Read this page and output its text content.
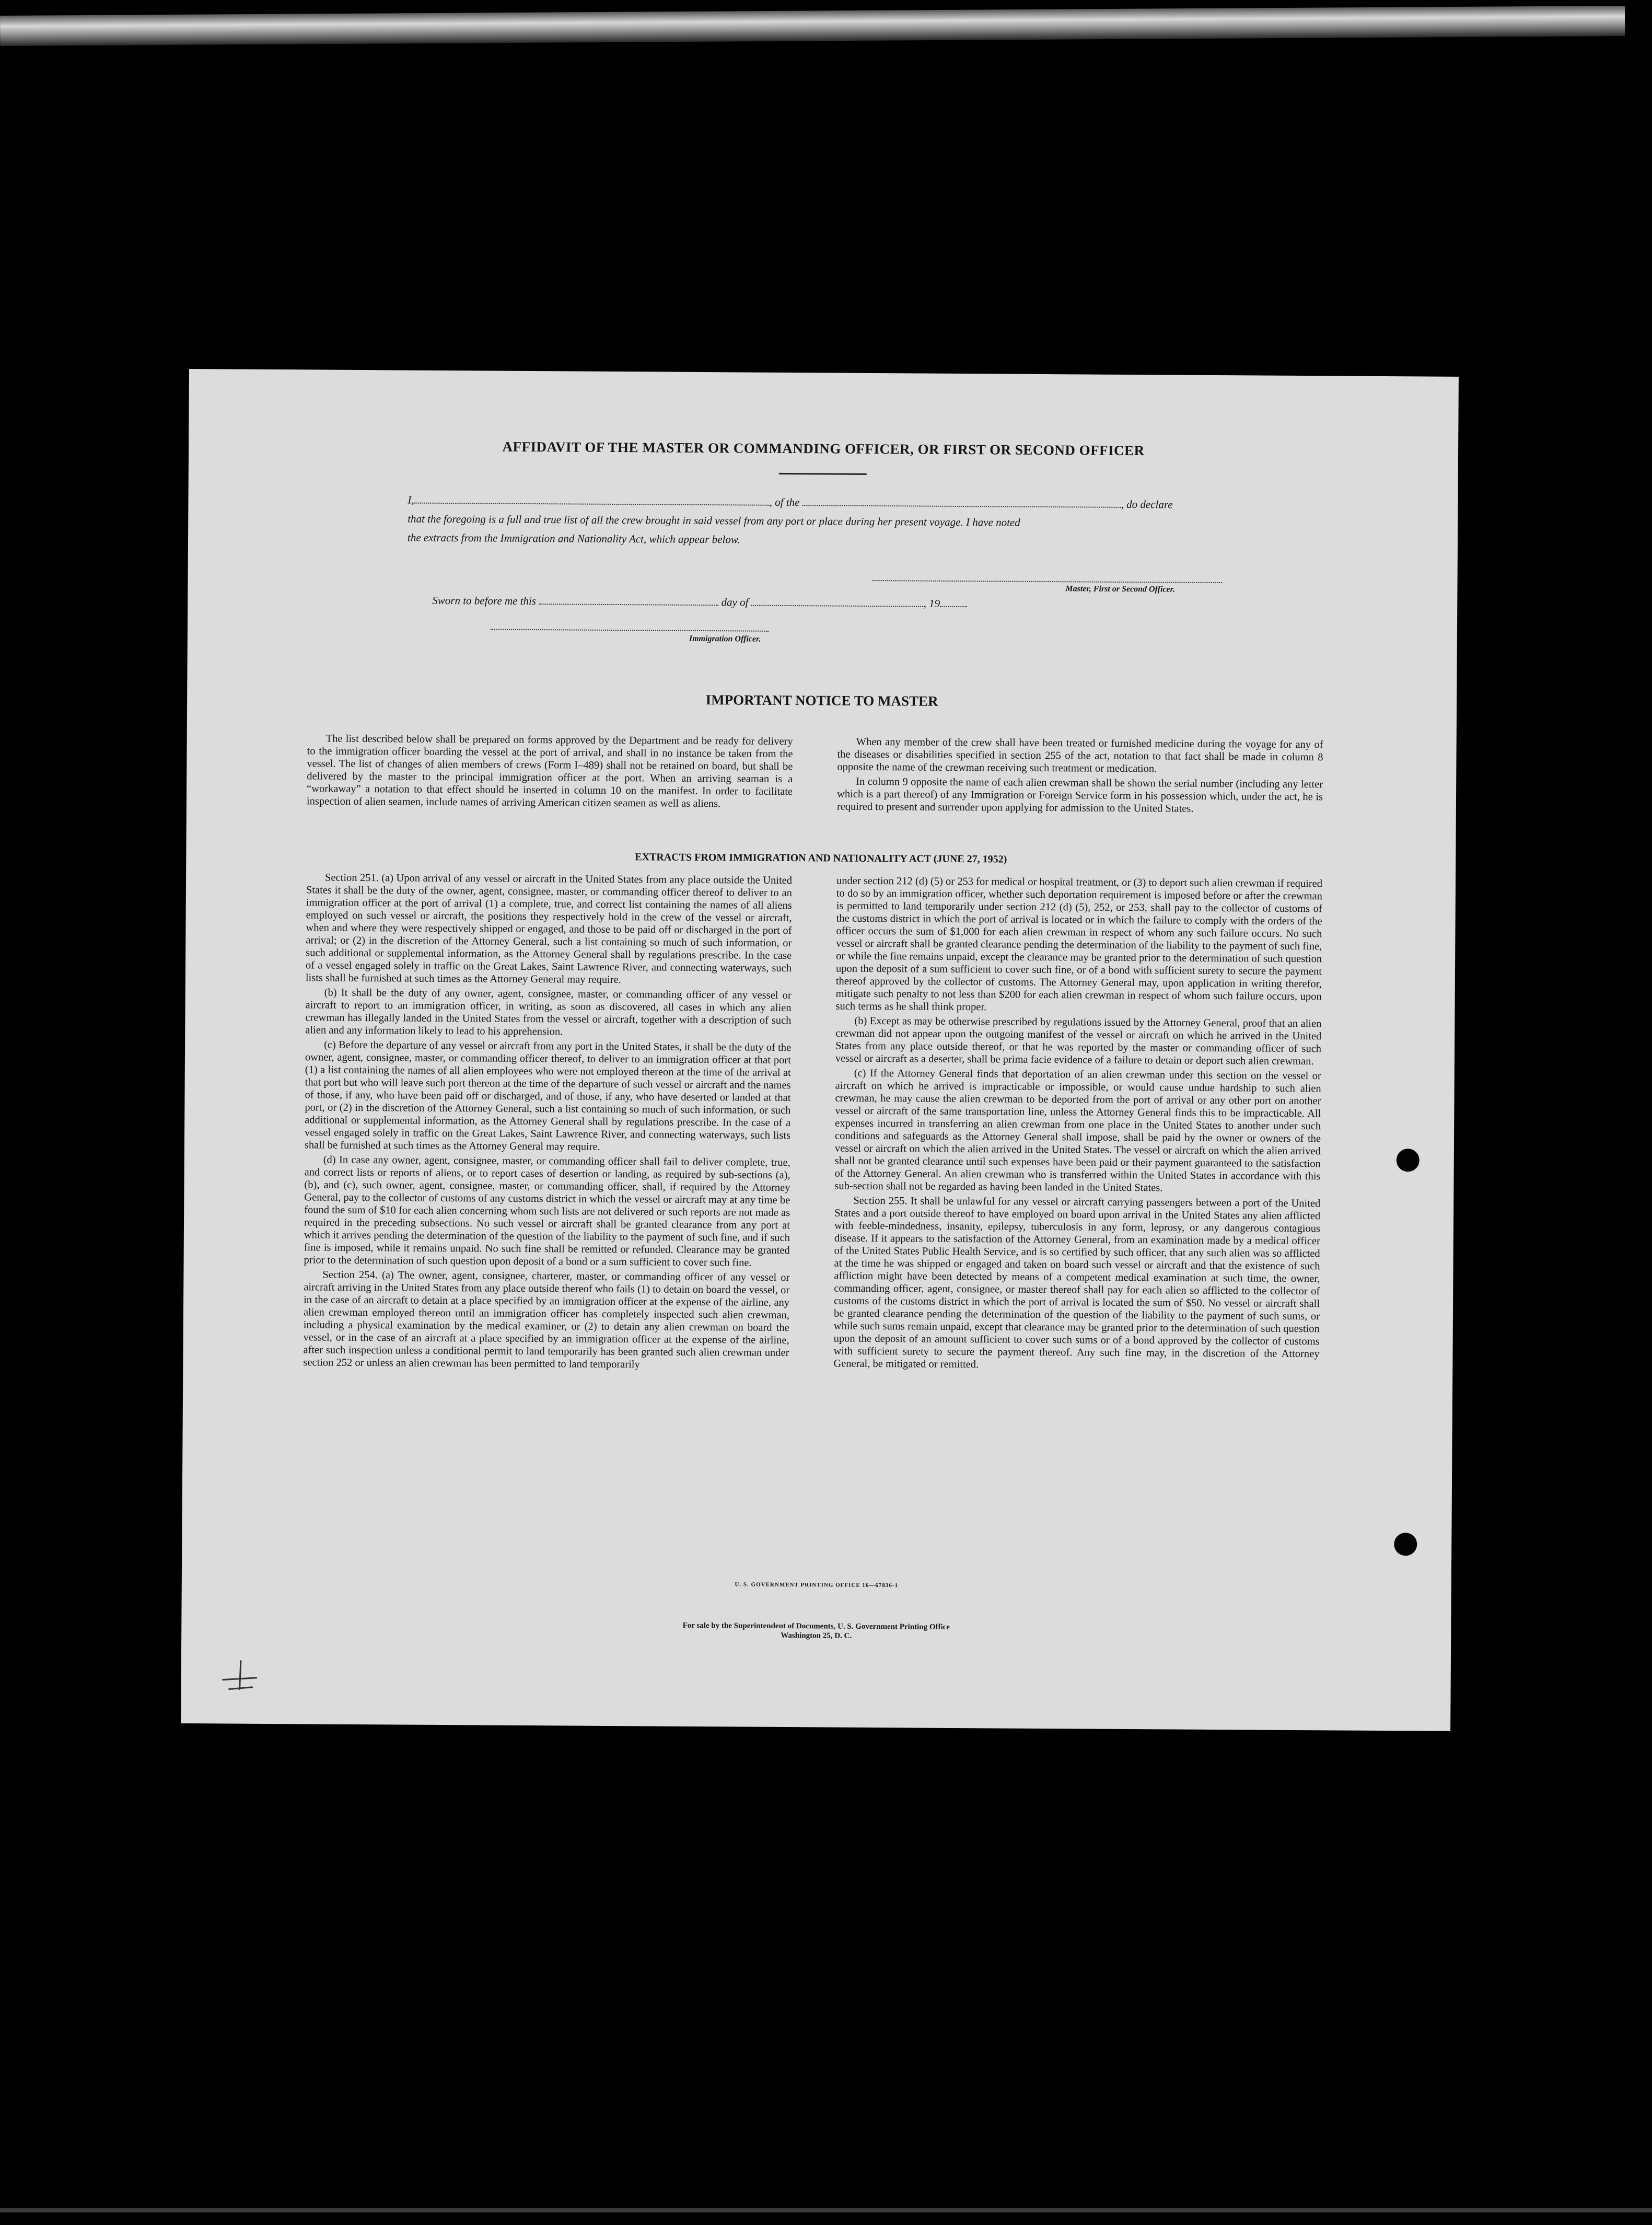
AFFIDAVIT OF THE MASTER OR COMMANDING OFFICER, OR FIRST OR SECOND OFFICER
I,	, of the	, do declare
that the foregoing is a full and true list of all the crew brought in said vessel from any port or place during her present voyage. I have noted
the extracts from the Immigration and Nationality Act, which appear below.
Master, First or Second Officer.
Sworn to before me this	day of	, 19
Immigration Officer.
IMPORTANT NOTICE TO MASTER

The list described below shall be prepared on forms approved by the Department and be ready for delivery to the immigration officer boarding the vessel at the port of arrival, and shall in no instance be taken from the vessel. The list of changes of alien members of crews (Form I–489) shall not be retained on board, but shall be delivered by the master to the principal immigration officer at the port. When an arriving seaman is a “workaway” a notation to that effect should be inserted in column 10 on the manifest. In order to facilitate inspection of alien seamen, include names of arriving American citizen seamen as well as aliens.

When any member of the crew shall have been treated or furnished medicine during the voyage for any of the diseases or disabilities specified in section 255 of the act, notation to that fact shall be made in column 8 opposite the name of the crewman receiving such treatment or medication.

In column 9 opposite the name of each alien crewman shall be shown the serial number (including any letter which is a part thereof) of any Immigration or Foreign Service form in his possession which, under the act, he is required to present and surrender upon applying for admission to the United States.

EXTRACTS FROM IMMIGRATION AND NATIONALITY ACT (JUNE 27, 1952)

Section 251. (a) Upon arrival of any vessel or aircraft in the United States from any place outside the United States it shall be the duty of the owner, agent, consignee, master, or commanding officer thereof to deliver to an immigration officer at the port of arrival (1) a complete, true, and correct list containing the names of all aliens employed on such vessel or aircraft, the positions they respectively hold in the crew of the vessel or aircraft, when and where they were respectively shipped or engaged, and those to be paid off or discharged in the port of arrival; or (2) in the discretion of the Attorney General, such a list containing so much of such information, or such additional or supplemental information, as the Attorney General shall by regulations prescribe. In the case of a vessel engaged solely in traffic on the Great Lakes, Saint Lawrence River, and connecting waterways, such lists shall be furnished at such times as the Attorney General may require.

(b) It shall be the duty of any owner, agent, consignee, master, or commanding officer of any vessel or aircraft to report to an immigration officer, in writing, as soon as discovered, all cases in which any alien crewman has illegally landed in the United States from the vessel or aircraft, together with a description of such alien and any information likely to lead to his apprehension.

(c) Before the departure of any vessel or aircraft from any port in the United States, it shall be the duty of the owner, agent, consignee, master, or commanding officer thereof, to deliver to an immigration officer at that port (1) a list containing the names of all alien employees who were not employed thereon at the time of the arrival at that port but who will leave such port thereon at the time of the departure of such vessel or aircraft and the names of those, if any, who have been paid off or discharged, and of those, if any, who have deserted or landed at that port, or (2) in the discretion of the Attorney General, such a list containing so much of such information, or such additional or supplemental information, as the Attorney General shall by regulations prescribe. In the case of a vessel engaged solely in traffic on the Great Lakes, Saint Lawrence River, and connecting waterways, such lists shall be furnished at such times as the Attorney General may require.

(d) In case any owner, agent, consignee, master, or commanding officer shall fail to deliver complete, true, and correct lists or reports of aliens, or to report cases of desertion or landing, as required by sub-sections (a), (b), and (c), such owner, agent, consignee, master, or commanding officer, shall, if required by the Attorney General, pay to the collector of customs of any customs district in which the vessel or aircraft may at any time be found the sum of $10 for each alien concerning whom such lists are not delivered or such reports are not made as required in the preceding subsections. No such vessel or aircraft shall be granted clearance from any port at which it arrives pending the determination of the question of the liability to the payment of such fine, and if such fine is imposed, while it remains unpaid. No such fine shall be remitted or refunded. Clearance may be granted prior to the determination of such question upon deposit of a bond or a sum sufficient to cover such fine.

Section 254. (a) The owner, agent, consignee, charterer, master, or commanding officer of any vessel or aircraft arriving in the United States from any place outside thereof who fails (1) to detain on board the vessel, or in the case of an aircraft to detain at a place specified by an immigration officer at the expense of the airline, any alien crewman employed thereon until an immigration officer has completely inspected such alien crewman, including a physical examination by the medical examiner, or (2) to detain any alien crewman on board the vessel, or in the case of an aircraft at a place specified by an immigration officer at the expense of the airline, after such inspection unless a conditional permit to land temporarily has been granted such alien crewman under section 252 or unless an alien crewman has been permitted to land temporarily

under section 212 (d) (5) or 253 for medical or hospital treatment, or (3) to deport such alien crewman if required to do so by an immigration officer, whether such deportation requirement is imposed before or after the crewman is permitted to land temporarily under section 212 (d) (5), 252, or 253, shall pay to the collector of customs of the customs district in which the port of arrival is located or in which the failure to comply with the orders of the officer occurs the sum of $1,000 for each alien crewman in respect of whom any such failure occurs. No such vessel or aircraft shall be granted clearance pending the determination of the liability to the payment of such fine, or while the fine remains unpaid, except the clearance may be granted prior to the determination of such question upon the deposit of a sum sufficient to cover such fine, or of a bond with sufficient surety to secure the payment thereof approved by the collector of customs. The Attorney General may, upon application in writing therefor, mitigate such penalty to not less than $200 for each alien crewman in respect of whom such failure occurs, upon such terms as he shall think proper.

(b) Except as may be otherwise prescribed by regulations issued by the Attorney General, proof that an alien crewman did not appear upon the outgoing manifest of the vessel or aircraft on which he arrived in the United States from any place outside thereof, or that he was reported by the master or commanding officer of such vessel or aircraft as a deserter, shall be prima facie evidence of a failure to detain or deport such alien crewman.

(c) If the Attorney General finds that deportation of an alien crewman under this section on the vessel or aircraft on which he arrived is impracticable or impossible, or would cause undue hardship to such alien crewman, he may cause the alien crewman to be deported from the port of arrival or any other port on another vessel or aircraft of the same transportation line, unless the Attorney General finds this to be impracticable. All expenses incurred in transferring an alien crewman from one place in the United States to another under such conditions and safeguards as the Attorney General shall impose, shall be paid by the owner or owners of the vessel or aircraft on which the alien arrived in the United States. The vessel or aircraft on which the alien arrived shall not be granted clearance until such expenses have been paid or their payment guaranteed to the satisfaction of the Attorney General. An alien crewman who is transferred within the United States in accordance with this sub-section shall not be regarded as having been landed in the United States.

Section 255. It shall be unlawful for any vessel or aircraft carrying passengers between a port of the United States and a port outside thereof to have employed on board upon arrival in the United States any alien afflicted with feeble-mindedness, insanity, epilepsy, tuberculosis in any form, leprosy, or any dangerous contagious disease. If it appears to the satisfaction of the Attorney General, from an examination made by a medical officer of the United States Public Health Service, and is so certified by such officer, that any such alien was so afflicted at the time he was shipped or engaged and taken on board such vessel or aircraft and that the existence of such affliction might have been detected by means of a competent medical examination at such time, the owner, commanding officer, agent, consignee, or master thereof shall pay for each alien so afflicted to the collector of customs of the customs district in which the port of arrival is located the sum of $50. No vessel or aircraft shall be granted clearance pending the determination of the question of the liability to the payment of such sums, or while such sums remain unpaid, except that clearance may be granted prior to the determination of such question upon the deposit of an amount sufficient to cover such sums or of a bond approved by the collector of customs with sufficient surety to secure the payment thereof. Any such fine may, in the discretion of the Attorney General, be mitigated or remitted.

U. S. GOVERNMENT PRINTING OFFICE 16—67836-1
For sale by the Superintendent of Documents, U. S. Government Printing Office
Washington 25, D. C.
